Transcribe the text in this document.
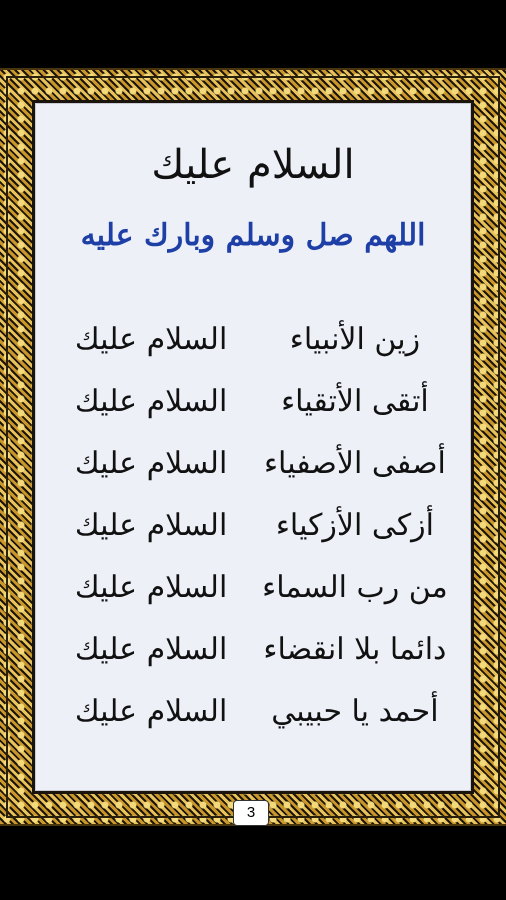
السلام عليك
اللهم صل وسلم وبارك عليه
السلام عليك	زين الأنبياء
السلام عليك	أتقى الأتقياء
السلام عليك	أصفى الأصفياء
السلام عليك	أزكى الأزكياء
السلام عليك	من رب السماء
السلام عليك	دائما بلا انقضاء
السلام عليك	أحمد يا حبيبي
3
